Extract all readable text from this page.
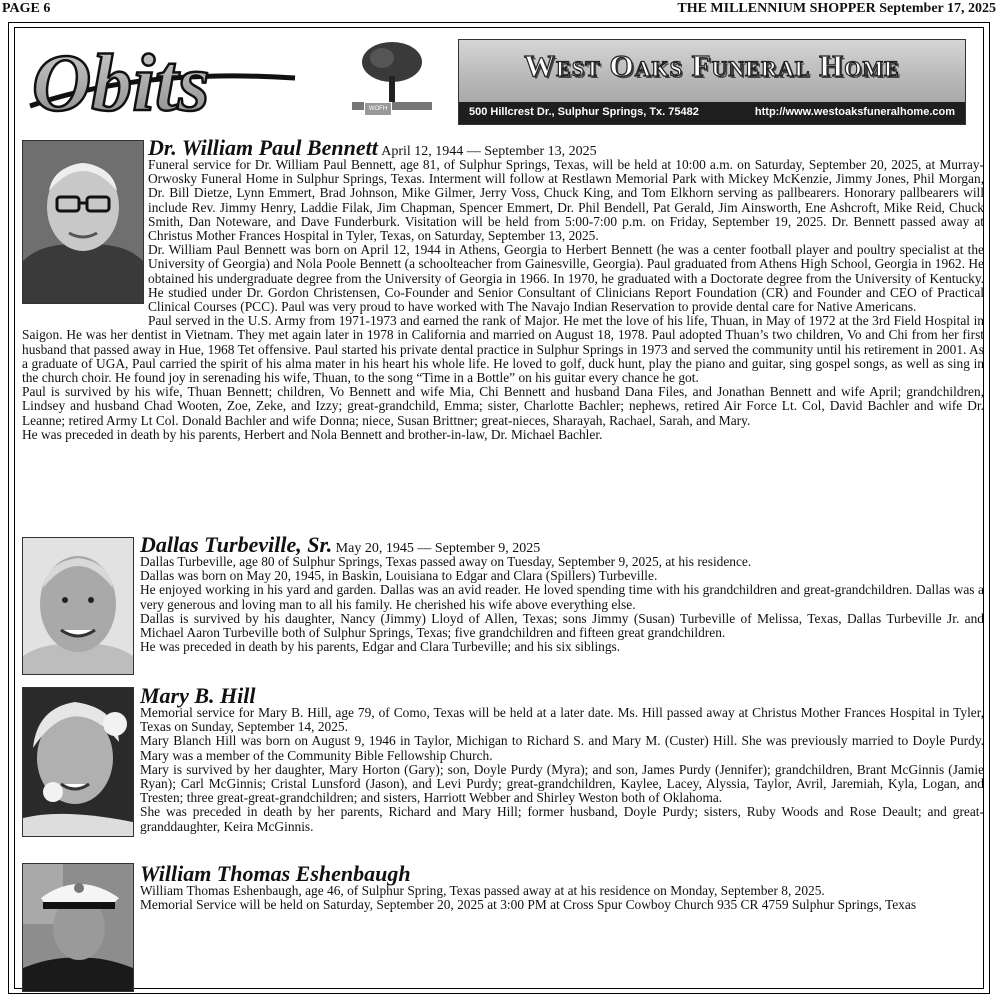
PAGE 6	THE MILLENNIUM SHOPPER September 17, 2025
Obits	West Oaks Funeral Home
500 Hillcrest Dr., Sulphur Springs, Tx. 75482	http://www.westoaksfuneralhome.com
WOFH

Dr. William Paul Bennett April 12, 1944 — September 13, 2025

Funeral service for Dr. William Paul Bennett, age 81, of Sulphur Springs, Texas, will be held at 10:00 a.m. on Saturday, September 20, 2025, at Murray-Orwosky Funeral Home in Sulphur Springs, Texas. Interment will follow at Restlawn Memorial Park with Mickey McKenzie, Jimmy Jones, Phil Morgan, Dr. Bill Dietze, Lynn Emmert, Brad Johnson, Mike Gilmer, Jerry Voss, Chuck King, and Tom Elkhorn serving as pallbearers. Honorary pallbearers will include Rev. Jimmy Henry, Laddie Filak, Jim Chapman, Spencer Emmert, Dr. Phil Bendell, Pat Gerald, Jim Ainsworth, Ene Ashcroft, Mike Reid, Chuck Smith, Dan Noteware, and Dave Funderburk. Visitation will be held from 5:00-7:00 p.m. on Friday, September 19, 2025. Dr. Bennett passed away at Christus Mother Frances Hospital in Tyler, Texas, on Saturday, September 13, 2025.

Dr. William Paul Bennett was born on April 12, 1944 in Athens, Georgia to Herbert Bennett (he was a center football player and poultry specialist at the University of Georgia) and Nola Poole Bennett (a schoolteacher from Gainesville, Georgia). Paul graduated from Athens High School, Georgia in 1962. He obtained his undergraduate degree from the University of Georgia in 1966. In 1970, he graduated with a Doctorate degree from the University of Kentucky. He studied under Dr. Gordon Christensen, Co-Founder and Senior Consultant of Clinicians Report Foundation (CR) and Founder and CEO of Practical Clinical Courses (PCC). Paul was very proud to have worked with The Navajo Indian Reservation to provide dental care for Native Americans.

Paul served in the U.S. Army from 1971-1973 and earned the rank of Major. He met the love of his life, Thuan, in May of 1972 at the 3rd Field Hospital in Saigon. He was her dentist in Vietnam. They met again later in 1978 in California and married on August 18, 1978. Paul adopted Thuan’s two children, Vo and Chi from her first husband that passed away in Hue, 1968 Tet offensive. Paul started his private dental practice in Sulphur Springs in 1973 and served the community until his retirement in 2001. As a graduate of UGA, Paul carried the spirit of his alma mater in his heart his whole life. He loved to golf, duck hunt, play the piano and guitar, sing gospel songs, as well as sing in the church choir. He found joy in serenading his wife, Thuan, to the song “Time in a Bottle” on his guitar every chance he got.

Paul is survived by his wife, Thuan Bennett; children, Vo Bennett and wife Mia, Chi Bennett and husband Dana Files, and Jonathan Bennett and wife April; grandchildren, Lindsey and husband Chad Wooten, Zoe, Zeke, and Izzy; great-grandchild, Emma; sister, Charlotte Bachler; nephews, retired Air Force Lt. Col, David Bachler and wife Dr. Leanne; retired Army Lt Col. Donald Bachler and wife Donna; niece, Susan Brittner; great-nieces, Sharayah, Rachael, Sarah, and Mary.

He was preceded in death by his parents, Herbert and Nola Bennett and brother-in-law, Dr. Michael Bachler.

Dallas Turbeville, Sr. May 20, 1945 — September 9, 2025

Dallas Turbeville, age 80 of Sulphur Springs, Texas passed away on Tuesday, September 9, 2025, at his residence.

Dallas was born on May 20, 1945, in Baskin, Louisiana to Edgar and Clara (Spillers) Turbeville.

He enjoyed working in his yard and garden. Dallas was an avid reader. He loved spending time with his grandchildren and great-grandchildren. Dallas was a very generous and loving man to all his family. He cherished his wife above everything else.

Dallas is survived by his daughter, Nancy (Jimmy) Lloyd of Allen, Texas; sons Jimmy (Susan) Turbeville of Melissa, Texas, Dallas Turbeville Jr. and Michael Aaron Turbeville both of Sulphur Springs, Texas; five grandchildren and fifteen great grandchildren.

He was preceded in death by his parents, Edgar and Clara Turbeville; and his six siblings.

Mary B. Hill

Memorial service for Mary B. Hill, age 79, of Como, Texas will be held at a later date. Ms. Hill passed away at Christus Mother Frances Hospital in Tyler, Texas on Sunday, September 14, 2025.

Mary Blanch Hill was born on August 9, 1946 in Taylor, Michigan to Richard S. and Mary M. (Custer) Hill. She was previously married to Doyle Purdy. Mary was a member of the Community Bible Fellowship Church.

Mary is survived by her daughter, Mary Horton (Gary); son, Doyle Purdy (Myra); and son, James Purdy (Jennifer); grandchildren, Brant McGinnis (Jamie Ryan); Carl McGinnis; Cristal Lunsford (Jason), and Levi Purdy; great-grandchildren, Kaylee, Lacey, Alyssia, Taylor, Avril, Jaremiah, Kyla, Logan, and Tresten; three great-great-grandchildren; and sisters, Harriott Webber and Shirley Weston both of Oklahoma.

She was preceded in death by her parents, Richard and Mary Hill; former husband, Doyle Purdy; sisters, Ruby Woods and Rose Deault; and great-granddaughter, Keira McGinnis.

William Thomas Eshenbaugh

William Thomas Eshenbaugh, age 46, of Sulphur Spring, Texas passed away at at his residence on Monday, September 8, 2025.

Memorial Service will be held on Saturday, September 20, 2025 at 3:00 PM at Cross Spur Cowboy Church 935 CR 4759 Sulphur Springs, Texas
